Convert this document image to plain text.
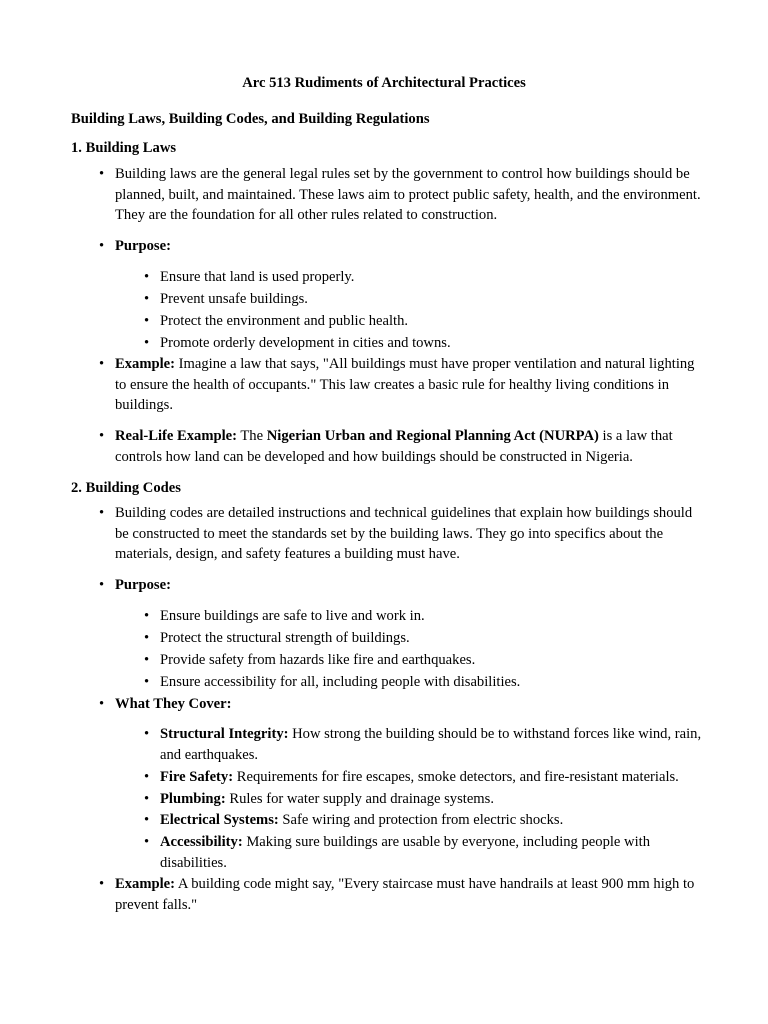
Arc 513 Rudiments of Architectural Practices
Building Laws, Building Codes, and Building Regulations
1. Building Laws
• Building laws are the general legal rules set by the government to control how buildings should be planned, built, and maintained. These laws aim to protect public safety, health, and the environment. They are the foundation for all other rules related to construction.
• Purpose:
• Ensure that land is used properly.
• Prevent unsafe buildings.
• Protect the environment and public health.
• Promote orderly development in cities and towns.
• Example: Imagine a law that says, "All buildings must have proper ventilation and natural lighting to ensure the health of occupants." This law creates a basic rule for healthy living conditions in buildings.
• Real-Life Example: The Nigerian Urban and Regional Planning Act (NURPA) is a law that controls how land can be developed and how buildings should be constructed in Nigeria.
2. Building Codes
• Building codes are detailed instructions and technical guidelines that explain how buildings should be constructed to meet the standards set by the building laws. They go into specifics about the materials, design, and safety features a building must have.
• Purpose:
• Ensure buildings are safe to live and work in.
• Protect the structural strength of buildings.
• Provide safety from hazards like fire and earthquakes.
• Ensure accessibility for all, including people with disabilities.
• What They Cover:
• Structural Integrity: How strong the building should be to withstand forces like wind, rain, and earthquakes.
• Fire Safety: Requirements for fire escapes, smoke detectors, and fire-resistant materials.
• Plumbing: Rules for water supply and drainage systems.
• Electrical Systems: Safe wiring and protection from electric shocks.
• Accessibility: Making sure buildings are usable by everyone, including people with disabilities.
• Example: A building code might say, "Every staircase must have handrails at least 900 mm high to prevent falls."
